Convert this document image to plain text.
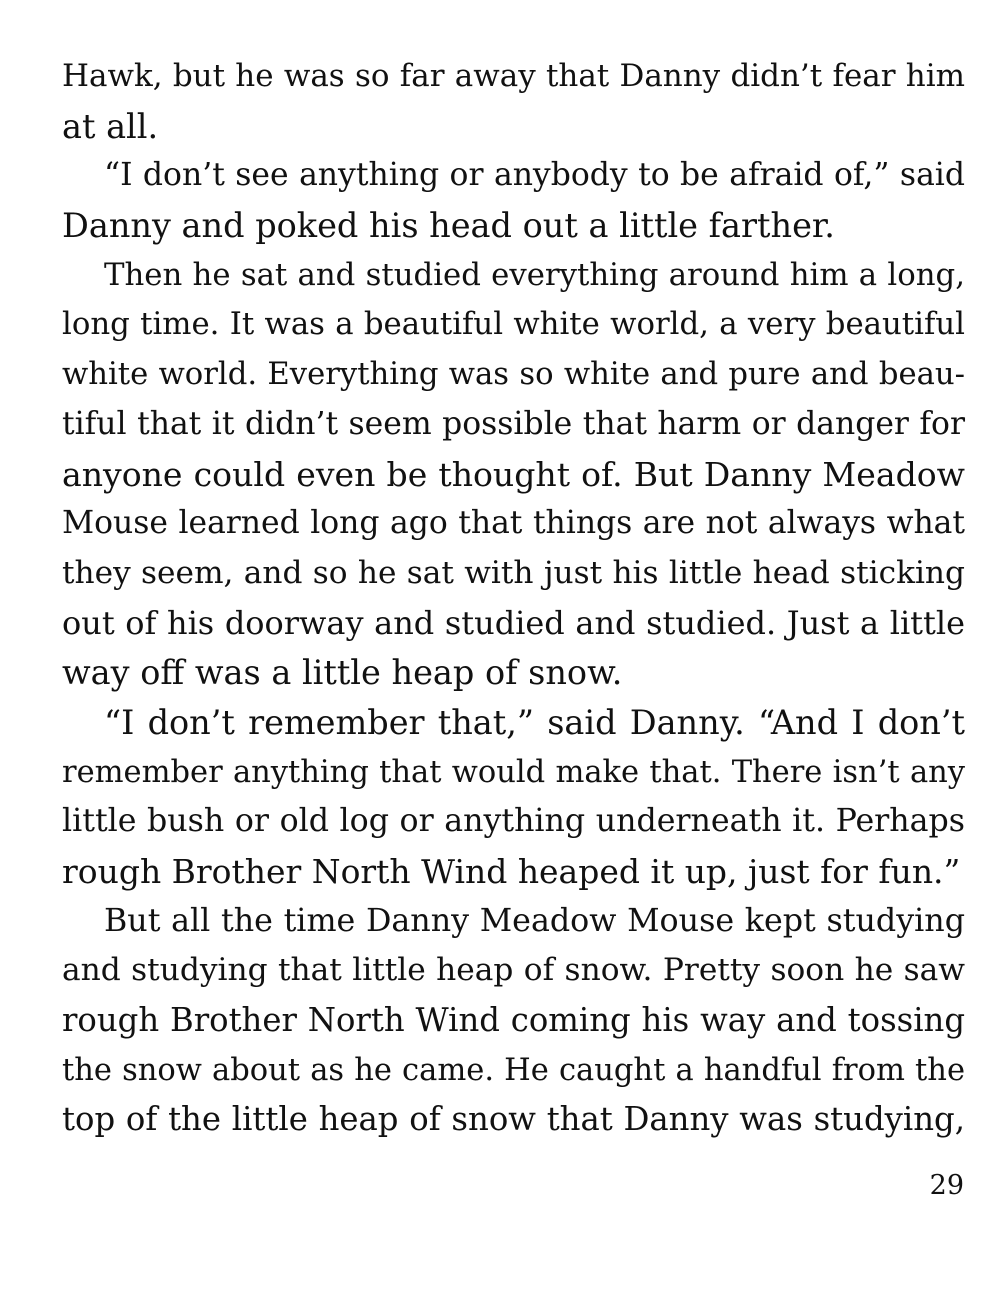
Hawk, but he was so far away that Danny didn’t fear him
at all.
“I don’t see anything or anybody to be afraid of,” said
Danny and poked his head out a little farther.
Then he sat and studied everything around him a long,
long time. It was a beautiful white world, a very beautiful
white world. Everything was so white and pure and beau-
tiful that it didn’t seem possible that harm or danger for
anyone could even be thought of. But Danny Meadow
Mouse learned long ago that things are not always what
they seem, and so he sat with just his little head sticking
out of his doorway and studied and studied. Just a little
way off was a little heap of snow.
“I don’t remember that,” said Danny. “And I don’t
remember anything that would make that. There isn’t any
little bush or old log or anything underneath it. Perhaps
rough Brother North Wind heaped it up, just for fun.”
But all the time Danny Meadow Mouse kept studying
and studying that little heap of snow. Pretty soon he saw
rough Brother North Wind coming his way and tossing
the snow about as he came. He caught a handful from the
top of the little heap of snow that Danny was studying,
29
